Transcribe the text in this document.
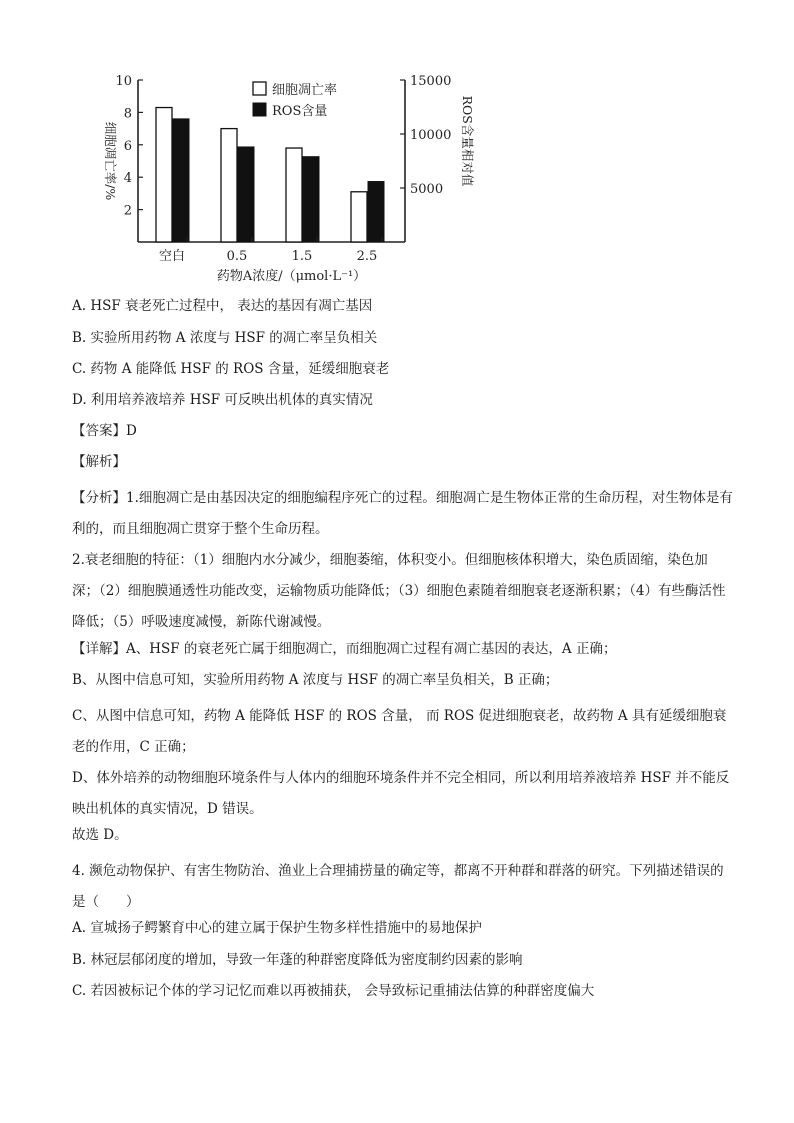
2
4
6
8
10
5000
10000
15000
空白	0.5	1.5	2.5
细胞凋亡率
ROS含量
细胞凋亡率/%	ROS含量相对值
药物A浓度/（μmol·L⁻¹）
A. HSF 衰老死亡过程中， 表达的基因有凋亡基因
B. 实验所用药物 A 浓度与 HSF 的凋亡率呈负相关
C. 药物 A 能降低 HSF 的 ROS 含量，延缓细胞衰老
D. 利用培养液培养 HSF 可反映出机体的真实情况
【答案】D
【解析】
【分析】1.细胞凋亡是由基因决定的细胞编程序死亡的过程。细胞凋亡是生物体正常的生命历程，对生物体是有利的，而且细胞凋亡贯穿于整个生命历程。
2.衰老细胞的特征：（1）细胞内水分减少，细胞萎缩，体积变小。但细胞核体积增大，染色质固缩，染色加深；（2）细胞膜通透性功能改变，运输物质功能降低；（3）细胞色素随着细胞衰老逐渐积累；（4）有些酶活性降低；（5）呼吸速度减慢，新陈代谢减慢。
【详解】A、HSF 的衰老死亡属于细胞凋亡，而细胞凋亡过程有凋亡基因的表达，A 正确；
B、从图中信息可知，实验所用药物 A 浓度与 HSF 的凋亡率呈负相关，B 正确；
C、从图中信息可知，药物 A 能降低 HSF 的 ROS 含量， 而 ROS 促进细胞衰老，故药物 A 具有延缓细胞衰老的作用，C 正确；
D、体外培养的动物细胞环境条件与人体内的细胞环境条件并不完全相同，所以利用培养液培养 HSF 并不能反映出机体的真实情况，D 错误。
故选 D。
4. 濒危动物保护、有害生物防治、渔业上合理捕捞量的确定等，都离不开种群和群落的研究。下列描述错误的是（　　）
A. 宣城扬子鳄繁育中心的建立属于保护生物多样性措施中的易地保护
B. 林冠层郁闭度的增加，导致一年蓬的种群密度降低为密度制约因素的影响
C. 若因被标记个体的学习记忆而难以再被捕获， 会导致标记重捕法估算的种群密度偏大
